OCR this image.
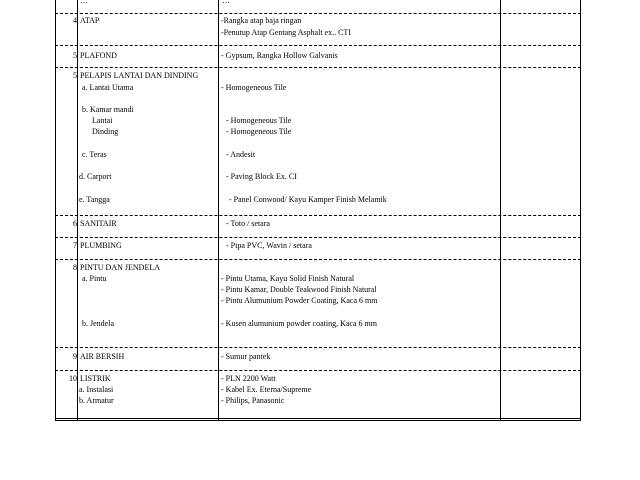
…	…
4 ATAP	-Rangka atap baja ringan
-Penutup Atap Gentang Asphalt ex.. CTI
5 PLAFOND	- Gypsum, Rangka Hollow Galvanis
5 PELAPIS LANTAI DAN DINDING
a. Lantai Utama	- Homogeneous Tile
b. Kamar mandi
Lantai	- Homogeneous Tile
Dinding	- Homogeneous Tile
c. Teras	- Andesit
d. Carport	- Paving Block Ex. CI
e. Tangga	- Panel Conwood/ Kayu Kamper Finish Melamik
6 SANITAIR	- Toto / setara
7 PLUMBING	- Pipa PVC, Wavin / setara
8 PINTU DAN JENDELA
a. Pintu	- Pintu Utama, Kayu Solid Finish Natural
- Pintu Kamar, Double Teakwood Finish Natural
- Pintu Alumunium Powder Coating, Kaca 6 mm
b. Jendela	- Kusen alumunium powder coating, Kaca 6 mm
9 AIR BERSIH	- Sumur pantek
10 LISTRIK	- PLN 2200 Watt
a. Instalasi	- Kabel Ex. Eterna/Supreme
b. Armatur	- Philips, Panasonic
